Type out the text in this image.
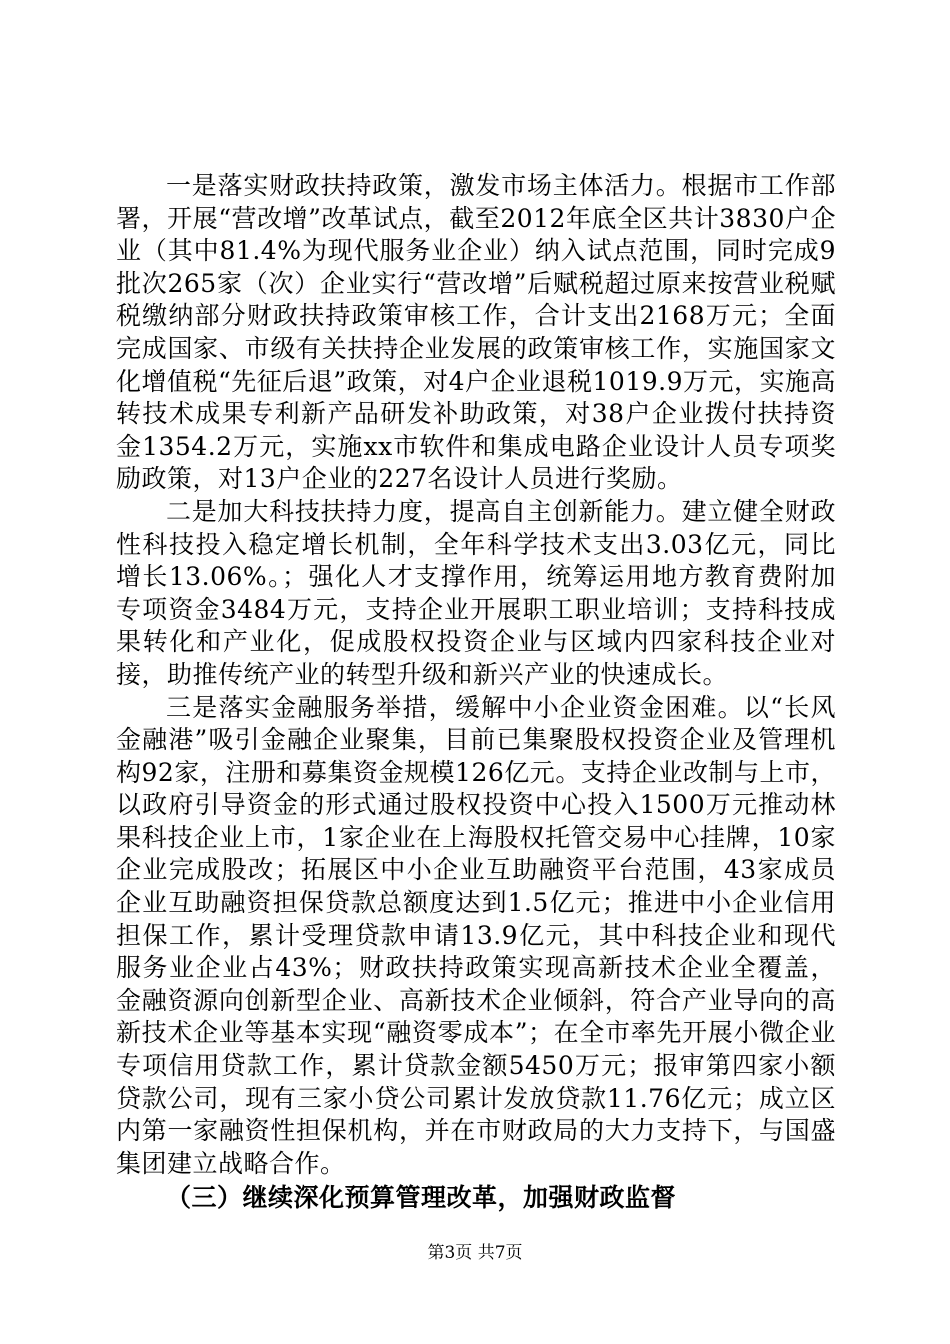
一是落实财政扶持政策，激发市场主体活力。根据市工作部署，开展“营改增”改革试点，截至2012年底全区共计3830户企业（其中81.4%为现代服务业企业）纳入试点范围，同时完成9批次265家（次）企业实行“营改增”后赋税超过原来按营业税赋税缴纳部分财政扶持政策审核工作，合计支出2168万元；全面完成国家、市级有关扶持企业发展的政策审核工作，实施国家文化增值税“先征后退”政策，对4户企业退税1019.9万元，实施高转技术成果专利新产品研发补助政策，对38户企业拨付扶持资金1354.2万元，实施xx市软件和集成电路企业设计人员专项奖励政策，对13户企业的227名设计人员进行奖励。

二是加大科技扶持力度，提高自主创新能力。建立健全财政性科技投入稳定增长机制，全年科学技术支出3.03亿元，同比增长13.06%。；强化人才支撑作用，统筹运用地方教育费附加专项资金3484万元，支持企业开展职工职业培训；支持科技成果转化和产业化，促成股权投资企业与区域内四家科技企业对接，助推传统产业的转型升级和新兴产业的快速成长。

三是落实金融服务举措，缓解中小企业资金困难。以“长风金融港”吸引金融企业聚集，目前已集聚股权投资企业及管理机构92家，注册和募集资金规模126亿元。支持企业改制与上市，以政府引导资金的形式通过股权投资中心投入1500万元推动林果科技企业上市，1家企业在上海股权托管交易中心挂牌，10家企业完成股改；拓展区中小企业互助融资平台范围，43家成员企业互助融资担保贷款总额度达到1.5亿元；推进中小企业信用担保工作，累计受理贷款申请13.9亿元，其中科技企业和现代服务业企业占43%；财政扶持政策实现高新技术企业全覆盖，金融资源向创新型企业、高新技术企业倾斜，符合产业导向的高新技术企业等基本实现“融资零成本”；在全市率先开展小微企业专项信用贷款工作，累计贷款金额5450万元；报审第四家小额贷款公司，现有三家小贷公司累计发放贷款11.76亿元；成立区内第一家融资性担保机构，并在市财政局的大力支持下，与国盛集团建立战略合作。

（三）继续深化预算管理改革，加强财政监督

第3页 共7页
